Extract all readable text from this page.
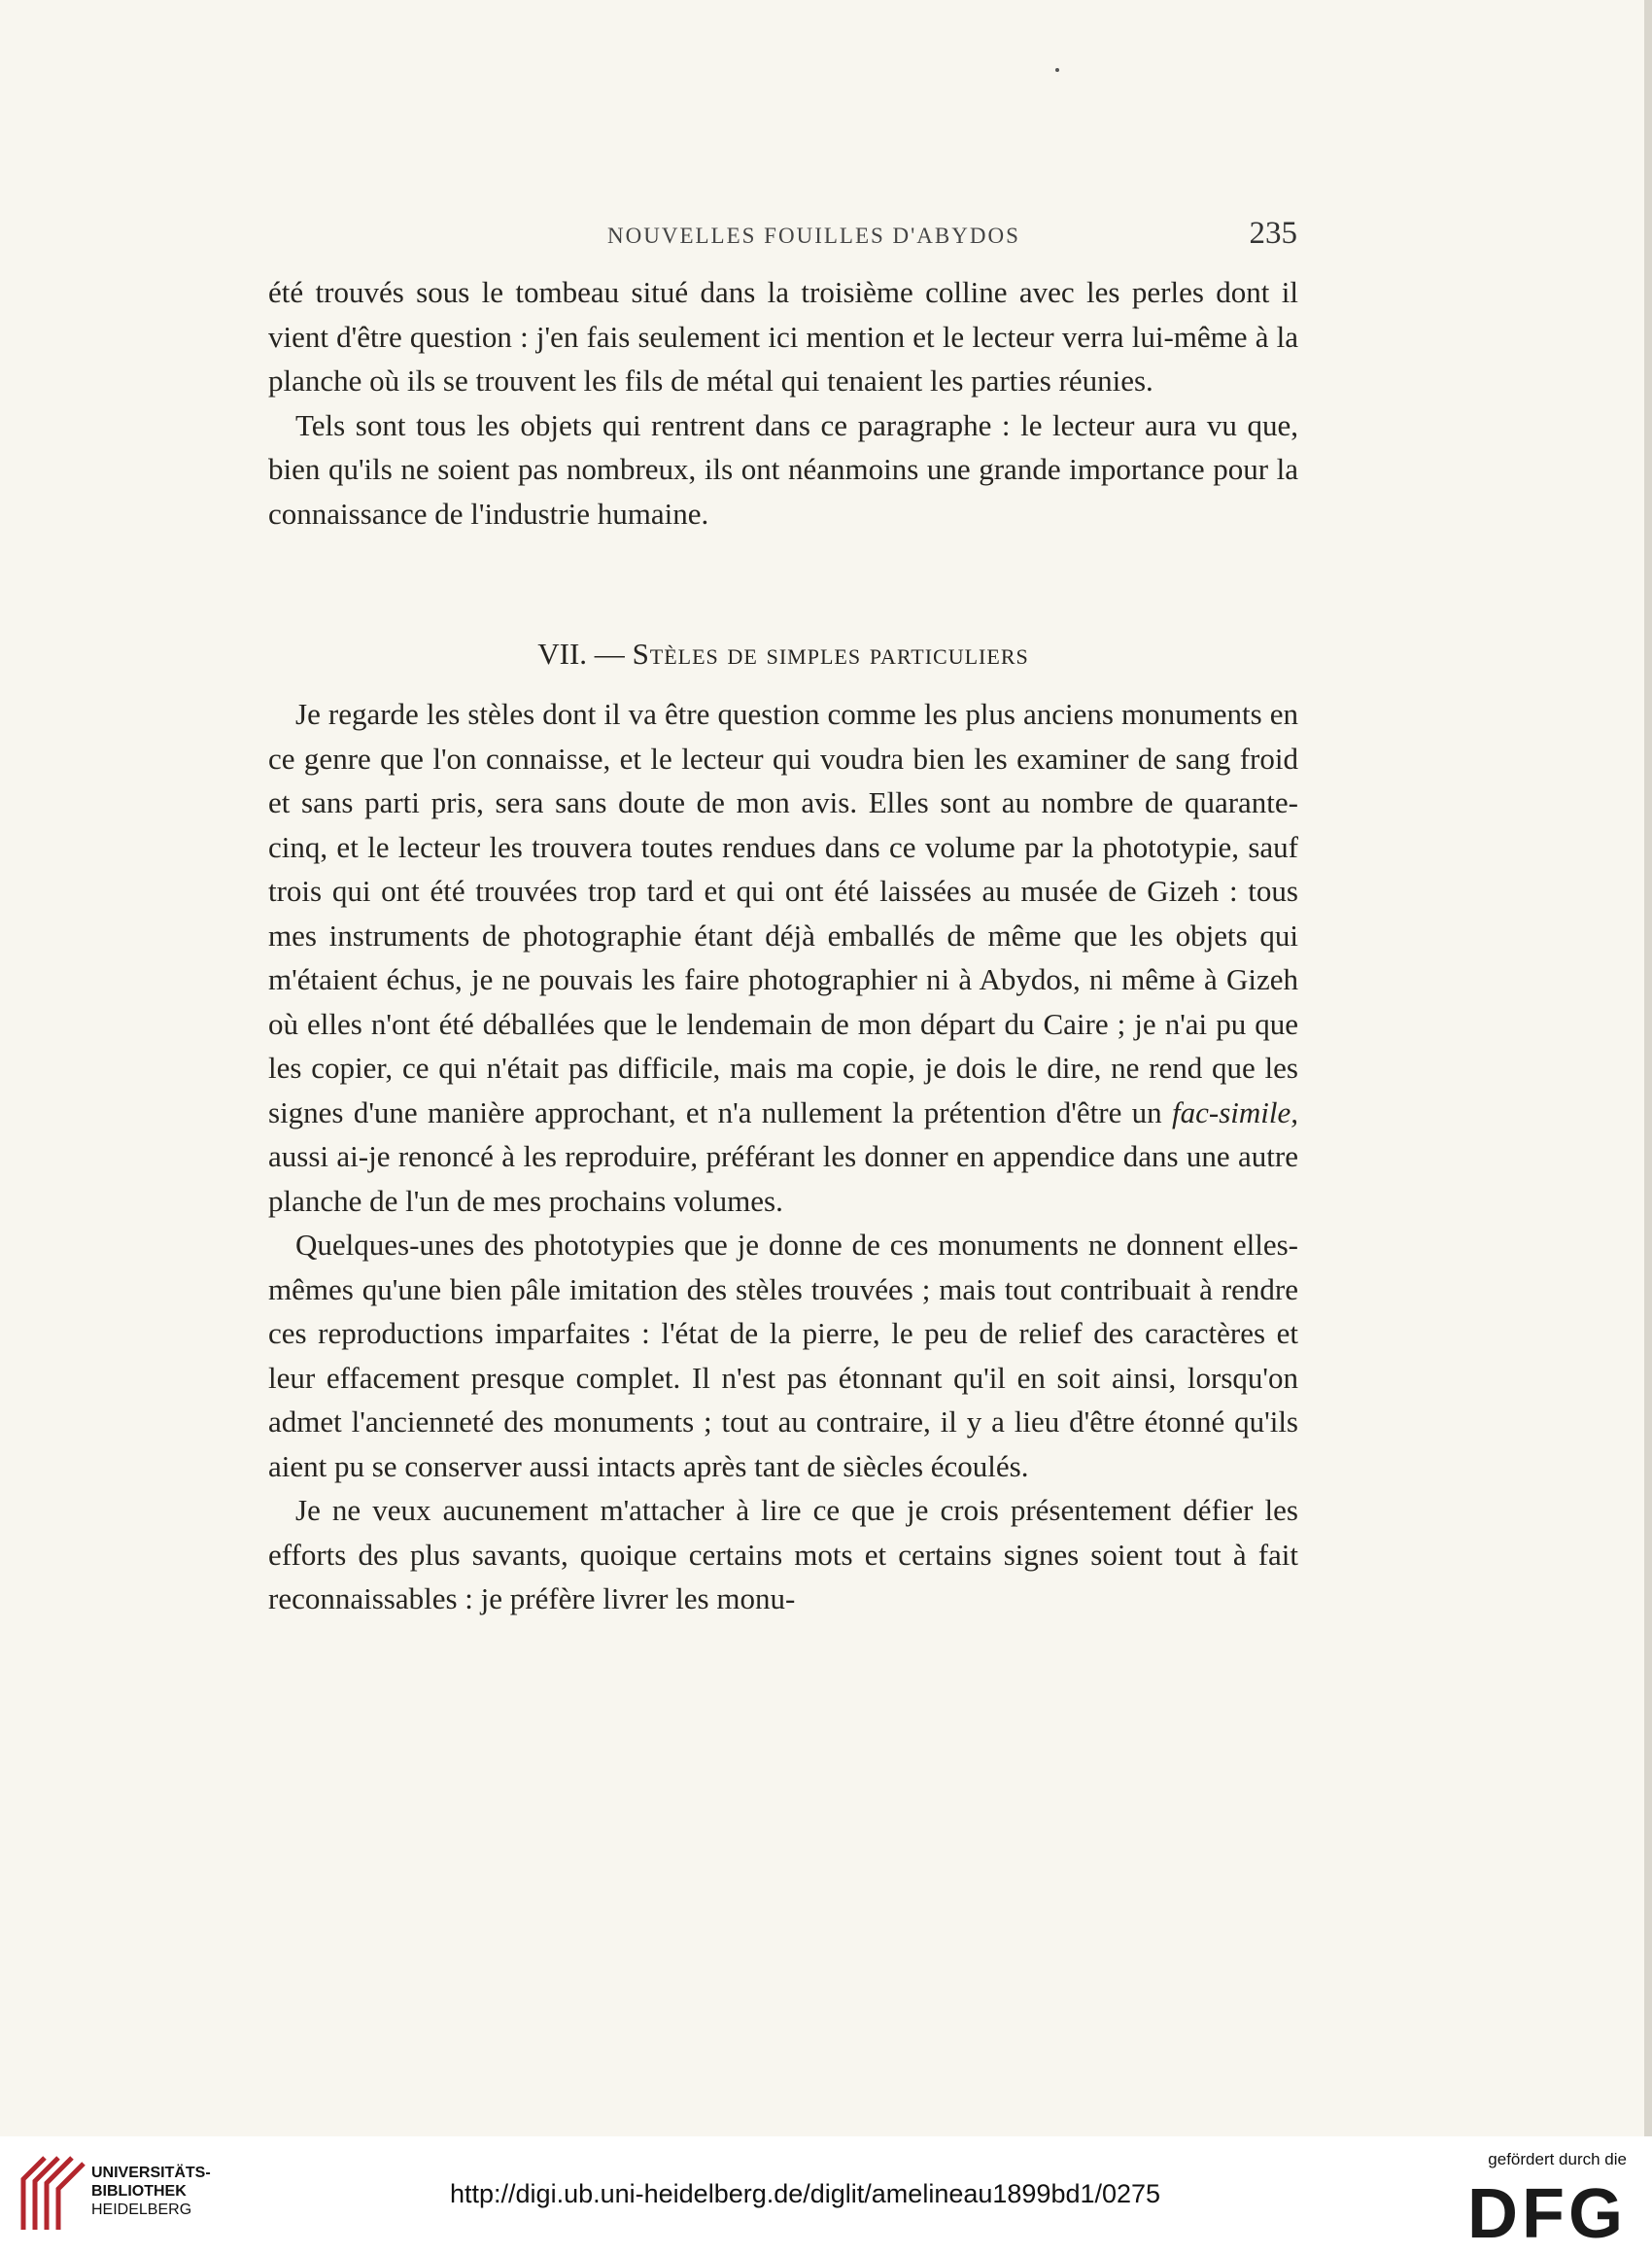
NOUVELLES FOUILLES D'ABYDOS	235

été trouvés sous le tombeau situé dans la troisième colline avec les perles dont il vient d'être question : j'en fais seulement ici mention et le lecteur verra lui-même à la planche où ils se trouvent les fils de métal qui tenaient les parties réunies.

Tels sont tous les objets qui rentrent dans ce paragraphe : le lecteur aura vu que, bien qu'ils ne soient pas nombreux, ils ont néanmoins une grande importance pour la connaissance de l'industrie humaine.

VII. — Stèles de simples particuliers

Je regarde les stèles dont il va être question comme les plus anciens monuments en ce genre que l'on connaisse, et le lecteur qui voudra bien les examiner de sang froid et sans parti pris, sera sans doute de mon avis. Elles sont au nombre de quarante-cinq, et le lecteur les trouvera toutes rendues dans ce volume par la phototypie, sauf trois qui ont été trouvées trop tard et qui ont été laissées au musée de Gizeh : tous mes instruments de photographie étant déjà emballés de même que les objets qui m'étaient échus, je ne pouvais les faire photographier ni à Abydos, ni même à Gizeh où elles n'ont été déballées que le lendemain de mon départ du Caire ; je n'ai pu que les copier, ce qui n'était pas difficile, mais ma copie, je dois le dire, ne rend que les signes d'une manière approchant, et n'a nullement la prétention d'être un fac-simile, aussi ai-je renoncé à les reproduire, préférant les donner en appendice dans une autre planche de l'un de mes prochains volumes.

Quelques-unes des phototypies que je donne de ces monuments ne donnent elles-mêmes qu'une bien pâle imitation des stèles trouvées ; mais tout contribuait à rendre ces reproductions imparfaites : l'état de la pierre, le peu de relief des caractères et leur effacement presque complet. Il n'est pas étonnant qu'il en soit ainsi, lorsqu'on admet l'ancienneté des monuments ; tout au contraire, il y a lieu d'être étonné qu'ils aient pu se conserver aussi intacts après tant de siècles écoulés.

Je ne veux aucunement m'attacher à lire ce que je crois présentement défier les efforts des plus savants, quoique certains mots et certains signes soient tout à fait reconnaissables : je préfère livrer les monu-

UNIVERSITÄTS-
BIBLIOTHEK
HEIDELBERG
http://digi.ub.uni-heidelberg.de/diglit/amelineau1899bd1/0275
gefördert durch die
DFG
